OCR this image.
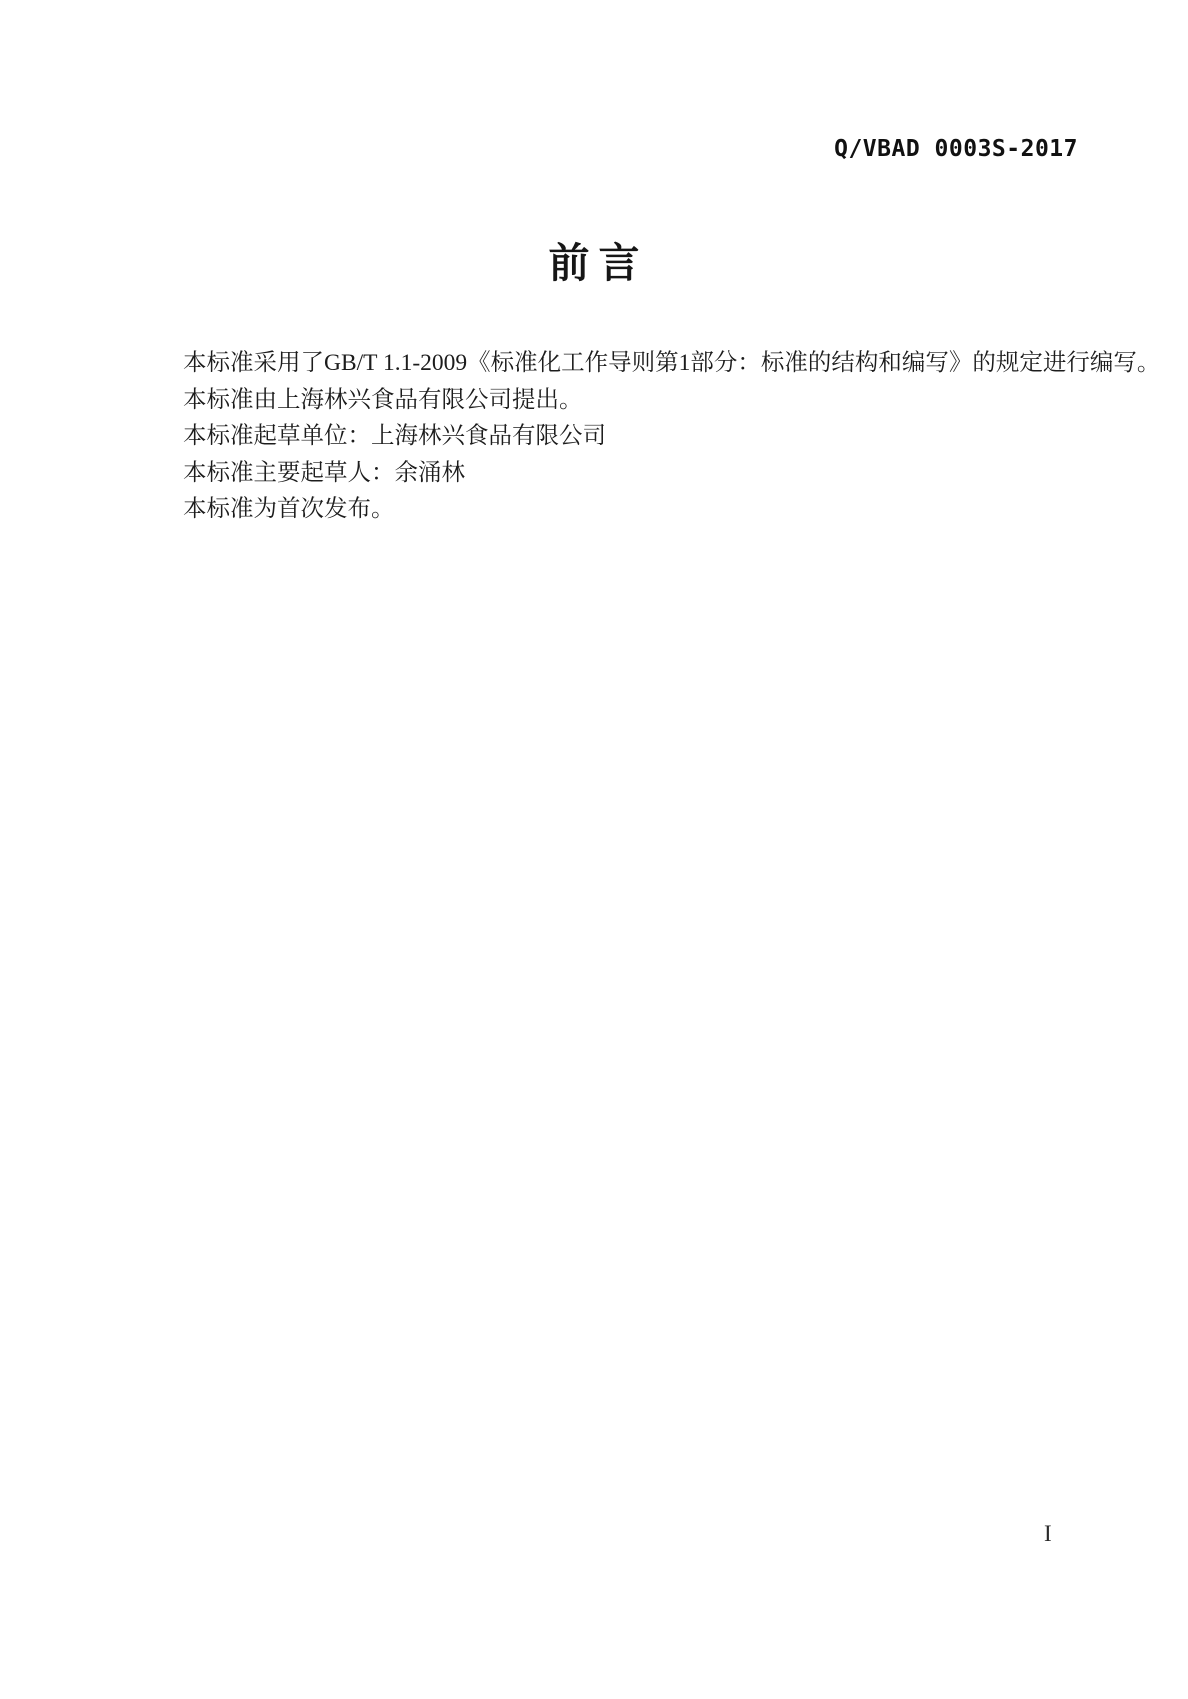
Q/VBAD 0003S-2017
前言

本标准采用了GB/T 1.1-2009《标准化工作导则第1部分：标准的结构和编写》的规定进行编写。

本标准由上海林兴食品有限公司提出。

本标准起草单位：上海林兴食品有限公司

本标准主要起草人：余涌林

本标准为首次发布。

I
